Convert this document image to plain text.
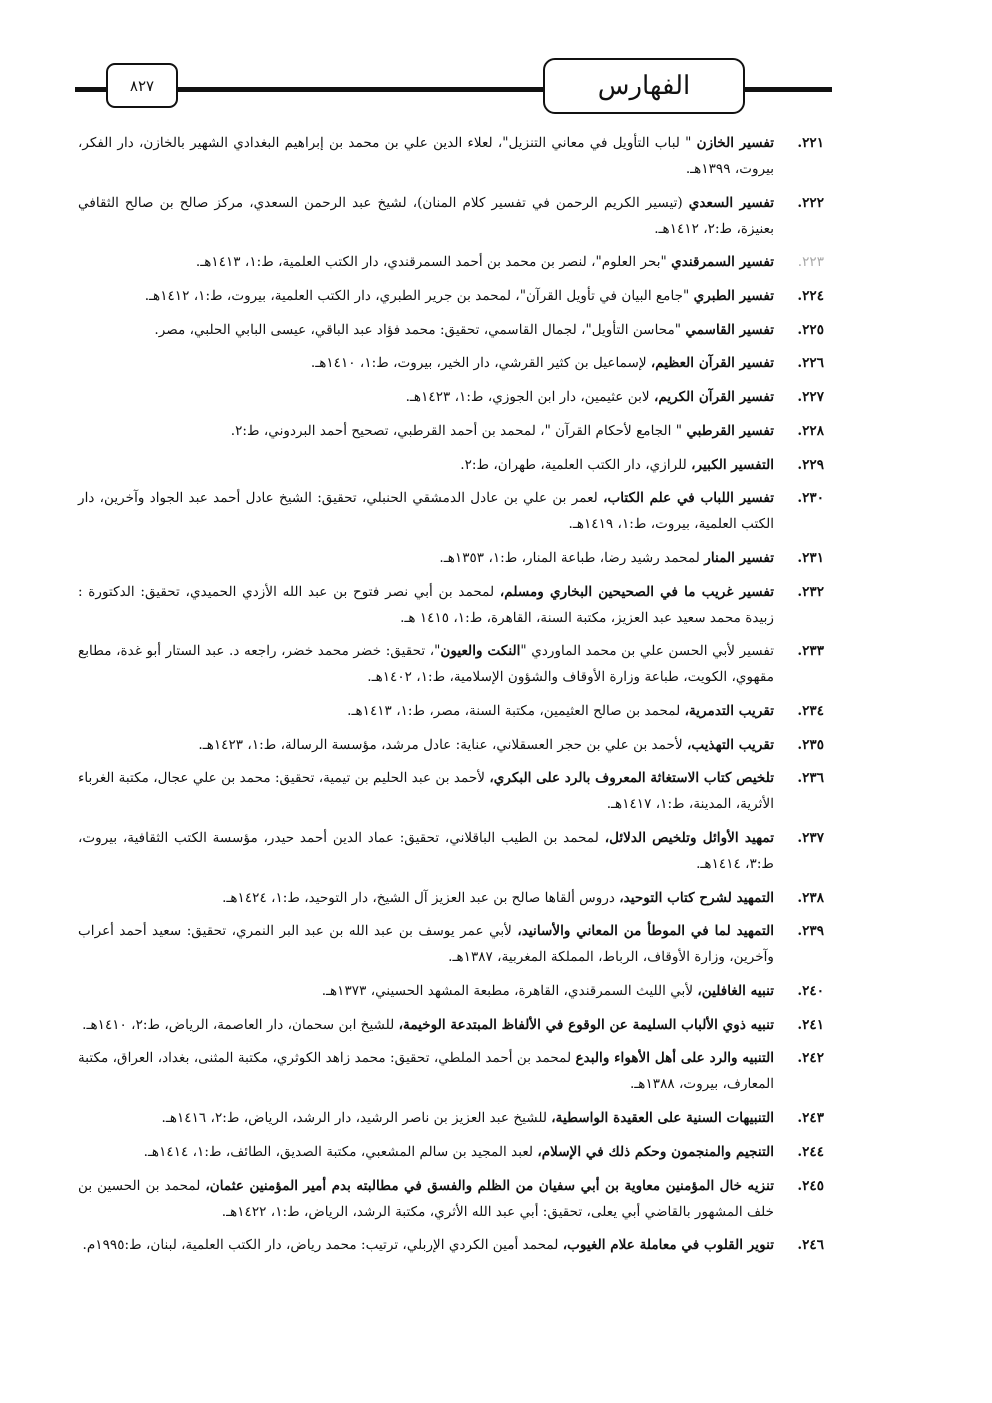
٨٢٧	الفهارس
٢٢١.
تفسير الخازن " لباب التأويل في معاني التنزيل"، لعلاء الدين علي بن محمد بن إبراهيم البغدادي الشهير بالخازن، دار الفكر، بيروت، ١٣٩٩هـ.
٢٢٢.
تفسير السعدي (تيسير الكريم الرحمن في تفسير كلام المنان)، لشيخ عبد الرحمن السعدي، مركز صالح بن صالح الثقافي بعنيزة، ط:٢، ١٤١٢هـ.
٢٢٣.
تفسير السمرقندي "بحر العلوم"، لنصر بن محمد بن أحمد السمرقندي، دار الكتب العلمية، ط:١، ١٤١٣هـ.
٢٢٤.
تفسير الطبري "جامع البيان في تأويل القرآن"، لمحمد بن جرير الطبري، دار الكتب العلمية، بيروت، ط:١، ١٤١٢هـ.
٢٢٥.
تفسير القاسمي "محاسن التأويل"، لجمال القاسمي، تحقيق: محمد فؤاد عبد الباقي، عيسى البابي الحلبي، مصر.
٢٢٦.
تفسير القرآن العظيم، لإسماعيل بن كثير القرشي، دار الخير، بيروت، ط:١، ١٤١٠هـ.
٢٢٧.
تفسير القرآن الكريم، لابن عثيمين، دار ابن الجوزي، ط:١، ١٤٢٣هـ.
٢٢٨.
تفسير القرطبي " الجامع لأحكام القرآن "، لمحمد بن أحمد القرطبي، تصحيح أحمد البردوني، ط:٢.
٢٢٩.
التفسير الكبير، للرازي، دار الكتب العلمية، طهران، ط:٢.
٢٣٠.
تفسير اللباب في علم الكتاب، لعمر بن علي بن عادل الدمشقي الحنبلي، تحقيق: الشيخ عادل أحمد عبد الجواد وآخرين، دار الكتب العلمية، بيروت، ط:١، ١٤١٩هـ.
٢٣١.
تفسير المنار لمحمد رشيد رضا، طباعة المنار، ط:١، ١٣٥٣هـ.
٢٣٢.
تفسير غريب ما في الصحيحين البخاري ومسلم، لمحمد بن أبي نصر فتوح بن عبد الله الأزدي الحميدي، تحقيق: الدكتورة : زبيدة محمد سعيد عبد العزيز، مكتبة السنة، القاهرة، ط:١، ١٤١٥ هـ.
٢٣٣.
تفسير لأبي الحسن علي بن محمد الماوردي "النكت والعيون"، تحقيق: خضر محمد خضر، راجعه د. عبد الستار أبو غدة، مطابع مقهوي، الكويت، طباعة وزارة الأوقاف والشؤون الإسلامية، ط:١، ١٤٠٢هـ.
٢٣٤.
تقريب التدمرية، لمحمد بن صالح العثيمين، مكتبة السنة، مصر، ط:١، ١٤١٣هـ.
٢٣٥.
تقريب التهذيب، لأحمد بن علي بن حجر العسقلاني، عناية: عادل مرشد، مؤسسة الرسالة، ط:١، ١٤٢٣هـ.
٢٣٦.
تلخيص كتاب الاستغاثة المعروف بالرد على البكري، لأحمد بن عبد الحليم بن تيمية، تحقيق: محمد بن علي عجال، مكتبة الغرباء الأثرية، المدينة، ط:١، ١٤١٧هـ.
٢٣٧.
تمهيد الأوائل وتلخيص الدلائل، لمحمد بن الطيب الباقلاني، تحقيق: عماد الدين أحمد حيدر، مؤسسة الكتب الثقافية، بيروت، ط:٣، ١٤١٤هـ.
٢٣٨.
التمهيد لشرح كتاب التوحيد، دروس ألقاها صالح بن عبد العزيز آل الشيخ، دار التوحيد، ط:١، ١٤٢٤هـ.
٢٣٩.
التمهيد لما في الموطأ من المعاني والأسانيد، لأبي عمر يوسف بن عبد الله بن عبد البر النمري، تحقيق: سعيد أحمد أعراب وآخرين، وزارة الأوقاف، الرباط، المملكة المغربية، ١٣٨٧هـ.
٢٤٠.
تنبيه الغافلين، لأبي الليث السمرقندي، القاهرة، مطبعة المشهد الحسيني، ١٣٧٣هـ.
٢٤١.
تنبيه ذوي الألباب السليمة عن الوقوع في الألفاظ المبتدعة الوخيمة، للشيخ ابن سحمان، دار العاصمة، الرياض، ط:٢، ١٤١٠هـ.
٢٤٢.
التنبيه والرد على أهل الأهواء والبدع لمحمد بن أحمد الملطي، تحقيق: محمد زاهد الكوثري، مكتبة المثنى، بغداد، العراق، مكتبة المعارف، بيروت، ١٣٨٨هـ.
٢٤٣.
التنبيهات السنية على العقيدة الواسطية، للشيخ عبد العزيز بن ناصر الرشيد، دار الرشد، الرياض، ط:٢، ١٤١٦هـ.
٢٤٤.
التنجيم والمنجمون وحكم ذلك في الإسلام، لعبد المجيد بن سالم المشعبي، مكتبة الصديق، الطائف، ط:١، ١٤١٤هـ.
٢٤٥.
تنزيه خال المؤمنين معاوية بن أبي سفيان من الظلم والفسق في مطالبته بدم أمير المؤمنين عثمان، لمحمد بن الحسين بن خلف المشهور بالقاضي أبي يعلى، تحقيق: أبي عبد الله الأثري، مكتبة الرشد، الرياض، ط:١، ١٤٢٢هـ.
٢٤٦.
تنوير القلوب في معاملة علام الغيوب، لمحمد أمين الكردي الإربلي، ترتيب: محمد رياض، دار الكتب العلمية، لبنان، ط:١٩٩٥م.
